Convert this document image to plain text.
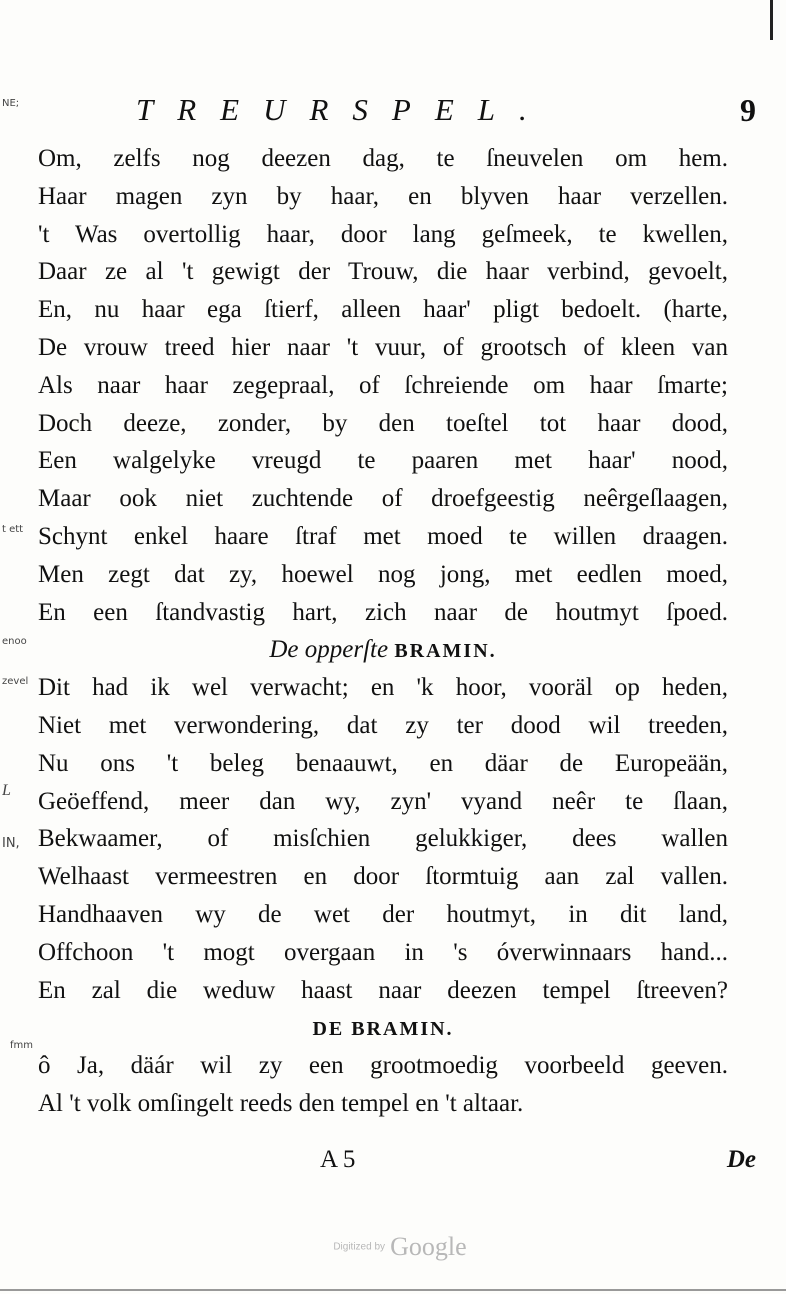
NE;
t ett
enoo
zevel
L
IN,
fmm
TREURSPEL.	9
Om, zelfs nog deezen dag, te ſneuvelen om hem.
Haar magen zyn by haar, en blyven haar verzellen.
't Was overtollig haar, door lang geſmeek, te kwellen,
Daar ze al 't gewigt der Trouw, die haar verbind, gevoelt,
En, nu haar ega ſtierf, alleen haar' pligt bedoelt. (harte,
De vrouw treed hier naar 't vuur, of grootsch of kleen van
Als naar haar zegepraal, of ſchreiende om haar ſmarte;
Doch deeze, zonder, by den toeſtel tot haar dood,
Een walgelyke vreugd te paaren met haar' nood,
Maar ook niet zuchtende of droefgeestig neêrgeſlaagen,
Schynt enkel haare ſtraf met moed te willen draagen.
Men zegt dat zy, hoewel nog jong, met eedlen moed,
En een ſtandvastig hart, zich naar de houtmyt ſpoed.
De opperſte BRAMIN.
Dit had ik wel verwacht; en 'k hoor, vooräl op heden,
Niet met verwondering, dat zy ter dood wil treeden,
Nu ons 't beleg benaauwt, en däar de Europeään,
Geöeffend, meer dan wy, zyn' vyand neêr te ſlaan,
Bekwaamer, of misſchien gelukkiger, dees wallen
Welhaast vermeestren en door ſtormtuig aan zal vallen.
Handhaaven wy de wet der houtmyt, in dit land,
Offchoon 't mogt overgaan in 's óverwinnaars hand...
En zal die weduw haast naar deezen tempel ſtreeven?
DE BRAMIN.
ô Ja, däár wil zy een grootmoedig voorbeeld geeven.
Al 't volk omſingelt reeds den tempel en 't altaar.
A 5	De
Digitized by Google
